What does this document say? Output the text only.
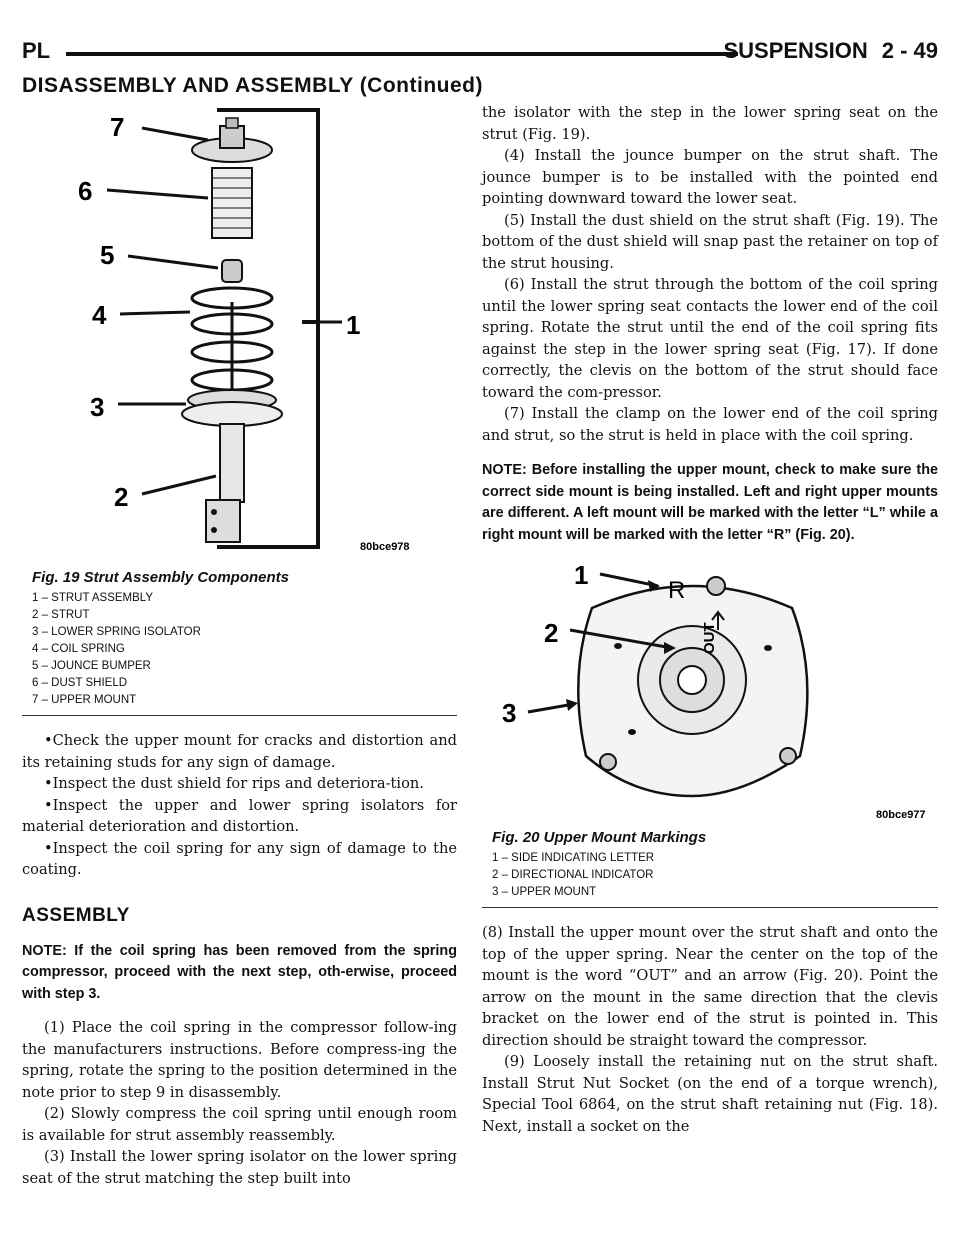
PL	SUSPENSION 2 - 49
DISASSEMBLY AND ASSEMBLY (Continued)
7
6
5
4	1
3
2
80bce978
Fig. 19 Strut Assembly Components
1 – STRUT ASSEMBLY
2 – STRUT
3 – LOWER SPRING ISOLATOR
4 – COIL SPRING
5 – JOUNCE BUMPER
6 – DUST SHIELD
7 – UPPER MOUNT

•Check the upper mount for cracks and distortion and its retaining studs for any sign of damage.

•Inspect the dust shield for rips and deteriora-tion.

•Inspect the upper and lower spring isolators for material deterioration and distortion.

•Inspect the coil spring for any sign of damage to the coating.

ASSEMBLY

NOTE: If the coil spring has been removed from the spring compressor, proceed with the next step, oth-erwise, proceed with step 3.

(1) Place the coil spring in the compressor follow-ing the manufacturers instructions. Before compress-ing the spring, rotate the spring to the position determined in the note prior to step 9 in disassembly.

(2) Slowly compress the coil spring until enough room is available for strut assembly reassembly.

(3) Install the lower spring isolator on the lower spring seat of the strut matching the step built into

the isolator with the step in the lower spring seat on the strut (Fig. 19).

(4) Install the jounce bumper on the strut shaft. The jounce bumper is to be installed with the pointed end pointing downward toward the lower seat.

(5) Install the dust shield on the strut shaft (Fig. 19). The bottom of the dust shield will snap past the retainer on top of the strut housing.

(6) Install the strut through the bottom of the coil spring until the lower spring seat contacts the lower end of the coil spring. Rotate the strut until the end of the coil spring fits against the step in the lower spring seat (Fig. 17). If done correctly, the clevis on the bottom of the strut should face toward the com-pressor.

(7) Install the clamp on the lower end of the coil spring and strut, so the strut is held in place with the coil spring.

NOTE: Before installing the upper mount, check to make sure the correct side mount is being installed. Left and right upper mounts are different. A left mount will be marked with the letter “L” while a right mount will be marked with the letter “R” (Fig. 20).

R
OUT
1
2
3
80bce977
Fig. 20 Upper Mount Markings
1 – SIDE INDICATING LETTER
2 – DIRECTIONAL INDICATOR
3 – UPPER MOUNT

(8) Install the upper mount over the strut shaft and onto the top of the upper spring. Near the center on the top of the mount is the word “OUT” and an arrow (Fig. 20). Point the arrow on the mount in the same direction that the clevis bracket on the lower end of the strut is pointed in. This direction should be straight toward the compressor.

(9) Loosely install the retaining nut on the strut shaft. Install Strut Nut Socket (on the end of a torque wrench), Special Tool 6864, on the strut shaft retaining nut (Fig. 18). Next, install a socket on the
